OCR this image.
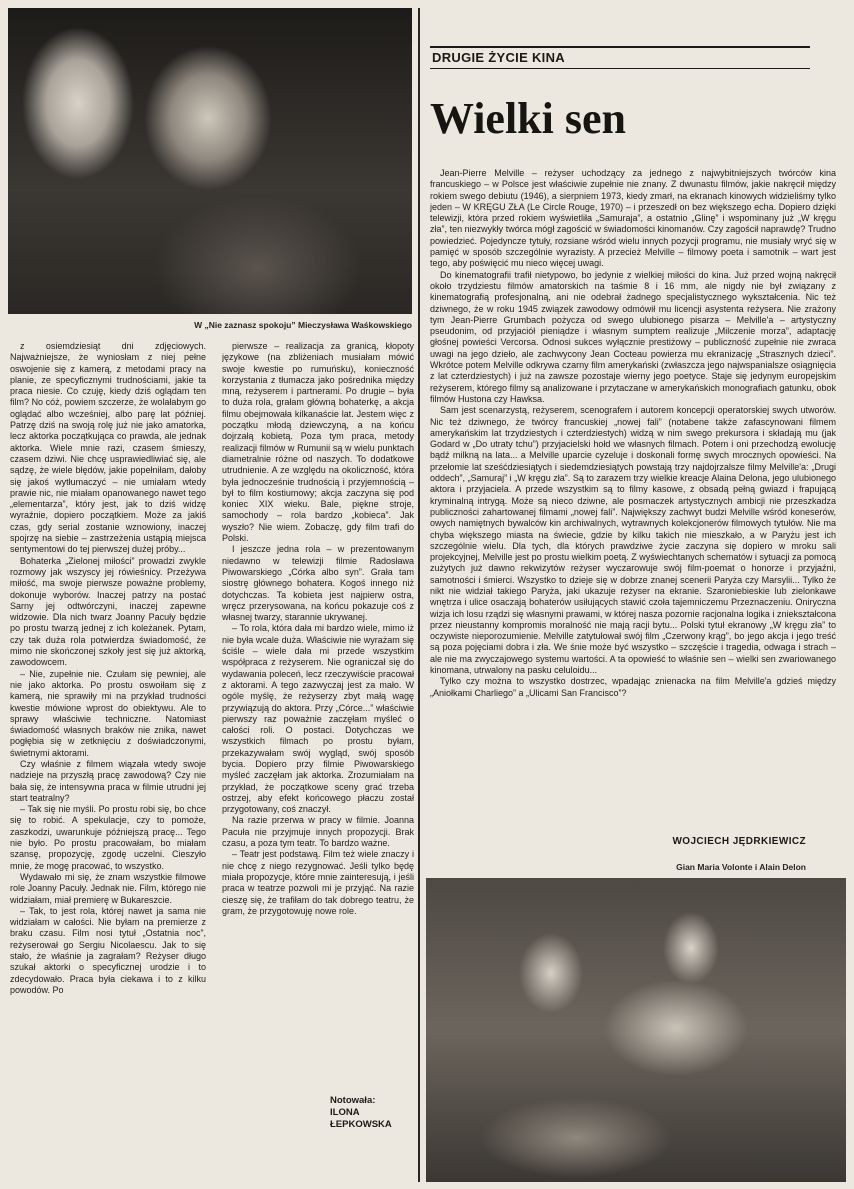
W „Nie zaznasz spokoju” Mieczysława Waśkowskiego

z osiemdziesiąt dni zdjęciowych. Najważniejsze, że wyniosłam z niej pełne oswojenie się z kamerą, z metodami pracy na planie, ze specyficznymi trudnościami, jakie ta praca niesie. Co czuję, kiedy dziś oglądam ten film? No cóż, powiem szczerze, że wolałabym go oglądać albo wcześniej, albo parę lat później. Patrzę dziś na swoją rolę już nie jako amatorka, lecz aktorka początkująca co prawda, ale jednak aktorka. Wiele mnie razi, czasem śmieszy, czasem dziwi. Nie chcę usprawiedliwiać się, ale sądzę, że wiele błędów, jakie popełniłam, dałoby się jakoś wytłumaczyć – nie umiałam wtedy prawie nic, nie miałam opanowanego nawet tego „elementarza”, który jest, jak to dziś widzę wyraźnie, dopiero początkiem. Może za jakiś czas, gdy serial zostanie wznowiony, inaczej spojrzę na siebie – zastrzeżenia ustąpią miejsca sentymentowi do tej pierwszej dużej próby...

Bohaterka „Zielonej miłości” prowadzi zwykle rozmowy jak wszyscy jej rówieśnicy. Przeżywa miłość, ma swoje pierwsze poważne problemy, dokonuje wyborów. Inaczej patrzy na postać Sarny jej odtwórczyni, inaczej zapewne widzowie. Dla nich twarz Joanny Pacuły będzie po prostu twarzą jednej z ich koleżanek. Pytam, czy tak duża rola potwierdza świadomość, że mimo nie skończonej szkoły jest się już aktorką, zawodowcem.

– Nie, zupełnie nie. Czułam się pewniej, ale nie jako aktorka. Po prostu oswoiłam się z kamerą, nie sprawiły mi na przykład trudności kwestie mówione wprost do obiektywu. Ale to sprawy właściwie techniczne. Natomiast świadomość własnych braków nie znika, nawet pogłębia się w zetknięciu z doświadczonymi, świetnymi aktorami.

Czy właśnie z filmem wiązała wtedy swoje nadzieje na przyszłą pracę zawodową? Czy nie bała się, że intensywna praca w filmie utrudni jej start teatralny?

– Tak się nie myśli. Po prostu robi się, bo chce się to robić. A spekulacje, czy to pomoże, zaszkodzi, uwarunkuje późniejszą pracę... Tego nie było. Po prostu pracowałam, bo miałam szansę, propozycję, zgodę uczelni. Cieszyło mnie, że mogę pracować, to wszystko.

Wydawało mi się, że znam wszystkie filmowe role Joanny Pacuły. Jednak nie. Film, którego nie widziałam, miał premierę w Bukareszcie.

– Tak, to jest rola, której nawet ja sama nie widziałam w całości. Nie byłam na premierze z braku czasu. Film nosi tytuł „Ostatnia noc”, reżyserował go Sergiu Nicolaescu. Jak to się stało, że właśnie ja zagrałam? Reżyser długo szukał aktorki o specyficznej urodzie i to zdecydowało. Praca była ciekawa i to z kilku powodów. Po

pierwsze – realizacja za granicą, kłopoty językowe (na zbliżeniach musiałam mówić swoje kwestie po rumuńsku), konieczność korzystania z tłumacza jako pośrednika między mną, reżyserem i partnerami. Po drugie – była to duża rola, grałam główną bohaterkę, a akcja filmu obejmowała kilkanaście lat. Jestem więc z początku młodą dziewczyną, a na końcu dojrzałą kobietą. Poza tym praca, metody realizacji filmów w Rumunii są w wielu punktach diametralnie różne od naszych. To dodatkowe utrudnienie. A ze względu na okoliczność, która była jednocześnie trudnością i przyjemnością – był to film kostiumowy; akcja zaczyna się pod koniec XIX wieku. Bale, piękne stroje, samochody – rola bardzo „kobieca”. Jak wyszło? Nie wiem. Zobaczę, gdy film trafi do Polski.

I jeszcze jedna rola – w prezentowanym niedawno w telewizji filmie Radosława Piwowarskiego „Córka albo syn”. Grała tam siostrę głównego bohatera. Kogoś innego niż dotychczas. Ta kobieta jest najpierw ostra, wręcz przerysowana, na końcu pokazuje coś z własnej twarzy, starannie ukrywanej.

– To rola, która dała mi bardzo wiele, mimo iż nie była wcale duża. Właściwie nie wyrażam się ściśle – wiele dała mi przede wszystkim współpraca z reżyserem. Nie ograniczał się do wydawania poleceń, lecz rzeczywiście pracował z aktorami. A tego zazwyczaj jest za mało. W ogóle myślę, że reżyserzy zbyt małą wagę przywiązują do aktora. Przy „Córce...” właściwie pierwszy raz poważnie zaczęłam myśleć o całości roli. O postaci. Dotychczas we wszystkich filmach po prostu byłam, przekazywałam swój wygląd, swój sposób bycia. Dopiero przy filmie Piwowarskiego myśleć zaczęłam jak aktorka. Zrozumiałam na przykład, że początkowe sceny grać trzeba ostrzej, aby efekt końcowego płaczu został przygotowany, coś znaczył.

Na razie przerwa w pracy w filmie. Joanna Pacuła nie przyjmuje innych propozycji. Brak czasu, a poza tym teatr. To bardzo ważne.

– Teatr jest podstawą. Film też wiele znaczy i nie chcę z niego rezygnować. Jeśli tylko będę miała propozycje, które mnie zainteresują, i jeśli praca w teatrze pozwoli mi je przyjąć. Na razie cieszę się, że trafiłam do tak dobrego teatru, że gram, że przygotowuję nowe role.

Notowała:
ILONA ŁEPKOWSKA
DRUGIE ŻYCIE KINA
Wielki sen

Jean-Pierre Melville – reżyser uchodzący za jednego z najwybitniejszych twórców kina francuskiego – w Polsce jest właściwie zupełnie nie znany. Z dwunastu filmów, jakie nakręcił między rokiem swego debiutu (1946), a sierpniem 1973, kiedy zmarł, na ekranach kinowych widzieliśmy tylko jeden – W KRĘGU ZŁA (Le Circle Rouge, 1970) – i przeszedł on bez większego echa. Dopiero dzięki telewizji, która przed rokiem wyświetliła „Samuraja”, a ostatnio „Glinę” i wspominany już „W kręgu zła”, ten niezwykły twórca mógł zagościć w świadomości kinomanów. Czy zagościł naprawdę? Trudno powiedzieć. Pojedyncze tytuły, rozsiane wśród wielu innych pozycji programu, nie musiały wryć się w pamięć w sposób szczególnie wyrazisty. A przecież Melville – filmowy poeta i samotnik – wart jest tego, aby poświęcić mu nieco więcej uwagi.

Do kinematografii trafił nietypowo, bo jedynie z wielkiej miłości do kina. Już przed wojną nakręcił około trzydziestu filmów amatorskich na taśmie 8 i 16 mm, ale nigdy nie był związany z kinematografią profesjonalną, ani nie odebrał żadnego specjalistycznego wykształcenia. Nic też dziwnego, że w roku 1945 związek zawodowy odmówił mu licencji asystenta reżysera. Nie zrażony tym Jean-Pierre Grumbach pożycza od swego ulubionego pisarza – Melville'a – artystyczny pseudonim, od przyjaciół pieniądze i własnym sumptem realizuje „Milczenie morza”, adaptację głośnej powieści Vercorsa. Odnosi sukces wyłącznie prestiżowy – publiczność zupełnie nie zwraca uwagi na jego dzieło, ale zachwycony Jean Cocteau powierza mu ekranizację „Strasznych dzieci”. Wkrótce potem Melville odkrywa czarny film amerykański (zwłaszcza jego najwspanialsze osiągnięcia z lat czterdziestych) i już na zawsze pozostaje wierny jego poetyce. Staje się jedynym europejskim reżyserem, którego filmy są analizowane i przytaczane w amerykańskich monografiach gatunku, obok filmów Hustona czy Hawksa.

Sam jest scenarzystą, reżyserem, scenografem i autorem koncepcji operatorskiej swych utworów. Nic też dziwnego, że twórcy francuskiej „nowej fali” (notabene także zafascynowani filmem amerykańskim lat trzydziestych i czterdziestych) widzą w nim swego prekursora i składają mu (jak Godard w „Do utraty tchu”) przyjacielski hołd we własnych filmach. Potem i oni przechodzą ewolucję bądź milkną na lata... a Melville uparcie cyzeluje i doskonali formę swych mrocznych opowieści. Na przełomie lat sześćdziesiątych i siedemdziesiątych powstają trzy najdojrzalsze filmy Melville'a: „Drugi oddech”, „Samuraj” i „W kręgu zła”. Są to zarazem trzy wielkie kreacje Alaina Delona, jego ulubionego aktora i przyjaciela. A przede wszystkim są to filmy kasowe, z obsadą pełną gwiazd i frapującą kryminalną intrygą. Może są nieco dziwne, ale posmaczek artystycznych ambicji nie przeszkadza publiczności zahartowanej filmami „nowej fali”. Największy zachwyt budzi Melville wśród koneserów, owych namiętnych bywalców kin archiwalnych, wytrawnych kolekcjonerów filmowych tytułów. Nie ma chyba większego miasta na świecie, gdzie by kilku takich nie mieszkało, a w Paryżu jest ich szczególnie wielu. Dla tych, dla których prawdziwe życie zaczyna się dopiero w mroku sali projekcyjnej, Melville jest po prostu wielkim poetą. Z wyświechtanych schematów i sytuacji za pomocą zużytych już dawno rekwizytów reżyser wyczarowuje swój film-poemat o honorze i przyjaźni, samotności i śmierci. Wszystko to dzieje się w dobrze znanej scenerii Paryża czy Marsylii... Tylko że nikt nie widział takiego Paryża, jaki ukazuje reżyser na ekranie. Szaroniebieskie lub zielonkawe wnętrza i ulice osaczają bohaterów usiłujących stawić czoła tajemniczemu Przeznaczeniu. Oniryczna wizja ich losu rządzi się własnymi prawami, w której nasza pozornie racjonalna logika i zniekształcona przez nieustanny kompromis moralność nie mają racji bytu... Polski tytuł ekranowy „W kręgu zła” to oczywiste nieporozumienie. Melville zatytułował swój film „Czerwony krąg”, bo jego akcja i jego treść są poza pojęciami dobra i zła. We śnie może być wszystko – szczęście i tragedia, odwaga i strach – ale nie ma zwyczajowego systemu wartości. A ta opowieść to właśnie sen – wielki sen zwariowanego kinomana, utrwalony na pasku celuloidu...

Tylko czy można to wszystko dostrzec, wpadając znienacka na film Melville'a gdzieś między „Aniołkami Charliego” a „Ulicami San Francisco”?

WOJCIECH JĘDRKIEWICZ
Gian Maria Volonte i Alain Delon
